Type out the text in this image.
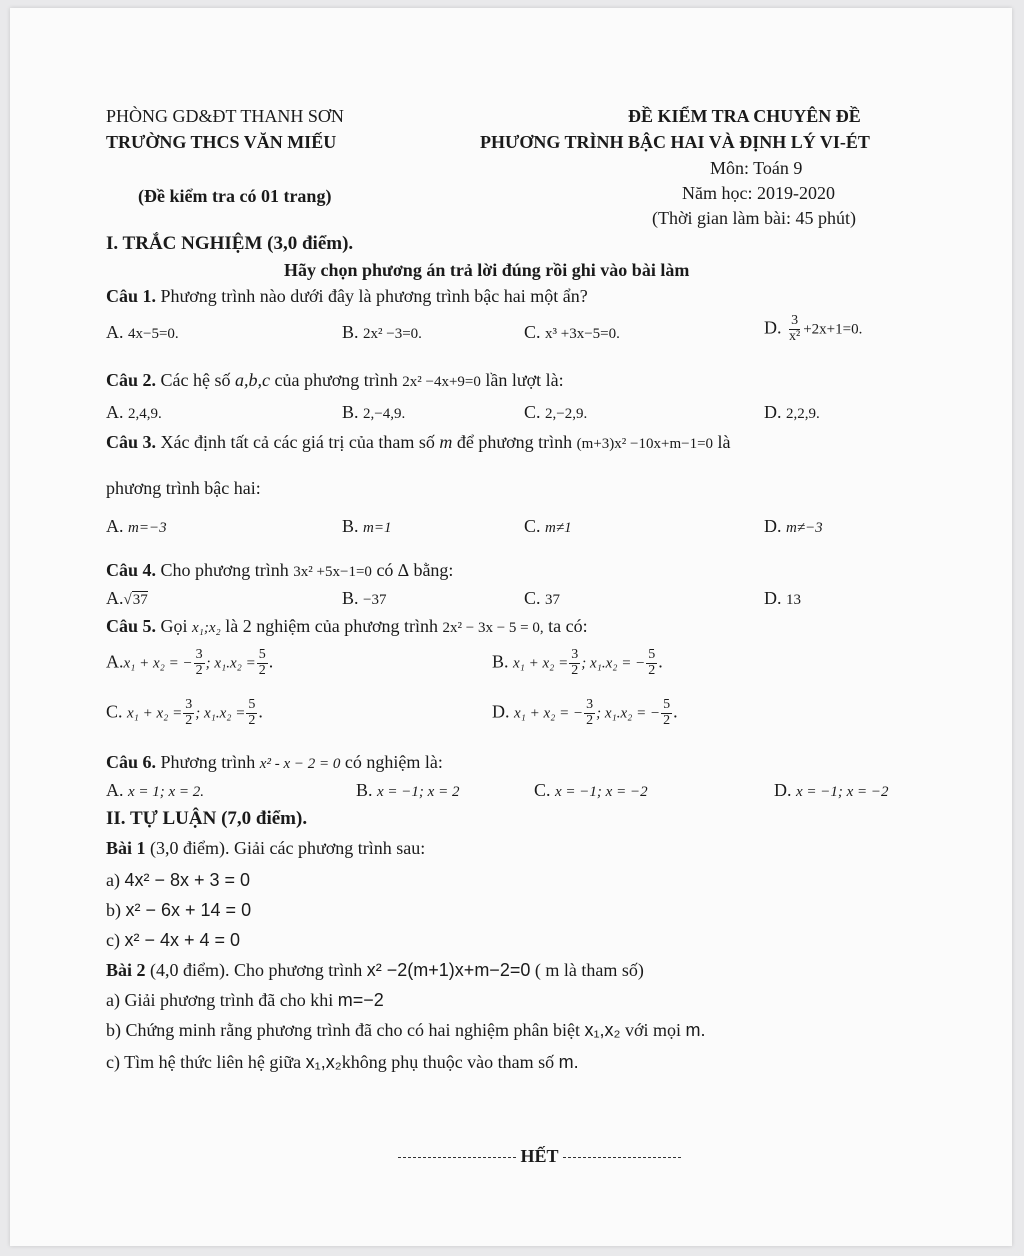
PHÒNG GD&ĐT THANH SƠN
TRƯỜNG THCS VĂN MIẾU
(Đề kiểm tra có 01 trang)
ĐỀ KIỂM TRA CHUYÊN ĐỀ
PHƯƠNG TRÌNH BẬC HAI VÀ ĐỊNH LÝ VI-ÉT
Môn: Toán 9
Năm học: 2019-2020
(Thời gian làm bài: 45 phút)
I. TRẮC NGHIỆM (3,0 điểm).
Hãy chọn phương án trả lời đúng rồi ghi vào bài làm
Câu 1. Phương trình nào dưới đây là phương trình bậc hai một ẩn?
A. 4x−5=0.	B. 2x² −3=0.	C. x³ +3x−5=0.	D. $\frac{3}{\text{x²}} +2x+1=0$.
Câu 2. Các hệ số a,b,c của phương trình 2x² −4x+9=0 lần lượt là:
A. 2,4,9.	B. 2,−4,9.	C. 2,−2,9.	D. 2,2,9.
Câu 3. Xác định tất cả các giá trị của tham số m để phương trình (m+3)x² −10x+m−1=0 là
phương trình bậc hai:
A. m=−3	B. m=1	C. m≠1	D. m≠−3
Câu 4. Cho phương trình 3x² +5x−1=0 có ∆ bằng:
A.√37	B. −37	C. 37	D. 13
Câu 5. Gọi x₁;x₂ là 2 nghiệm của phương trình 2x² − 3x − 5 = 0, ta có:
A.x₁ + x₂ = − $\frac{3}{2}$ ; $x_1.x_2 = \frac{5}{2}$ .	B. $x_1 + x_2 = \frac{3}{2}$ ; x₁.x₂ = − $\frac{5}{2}$ .
C. $x_1 + x_2 = \frac{3}{2}$ ; $x_1.x_2 = \frac{5}{2}$ .	D. x₁ + x₂ = − $\frac{3}{2}$ ; x₁.x₂ = − $\frac{5}{2}$ .
Câu 6. Phương trình x² - x − 2 = 0 có nghiệm là:
A. x = 1; x = 2.	B. x = −1; x = 2	C. x = −1; x = −2	D. x = −1; x = −2
II. TỰ LUẬN (7,0 điểm).
Bài 1 (3,0 điểm). Giải các phương trình sau:
a) 4x² − 8x + 3 = 0
b) x² − 6x + 14 = 0
c) x² − 4x + 4 = 0
Bài 2 (4,0 điểm). Cho phương trình x² −2(m+1)x+m−2=0 ( m là tham số)
a) Giải phương trình đã cho khi m=−2
b) Chứng minh rằng phương trình đã cho có hai nghiệm phân biệt x₁,x₂ với mọi m.
c) Tìm hệ thức liên hệ giữa x₁,x₂không phụ thuộc vào tham số m.
HẾT
